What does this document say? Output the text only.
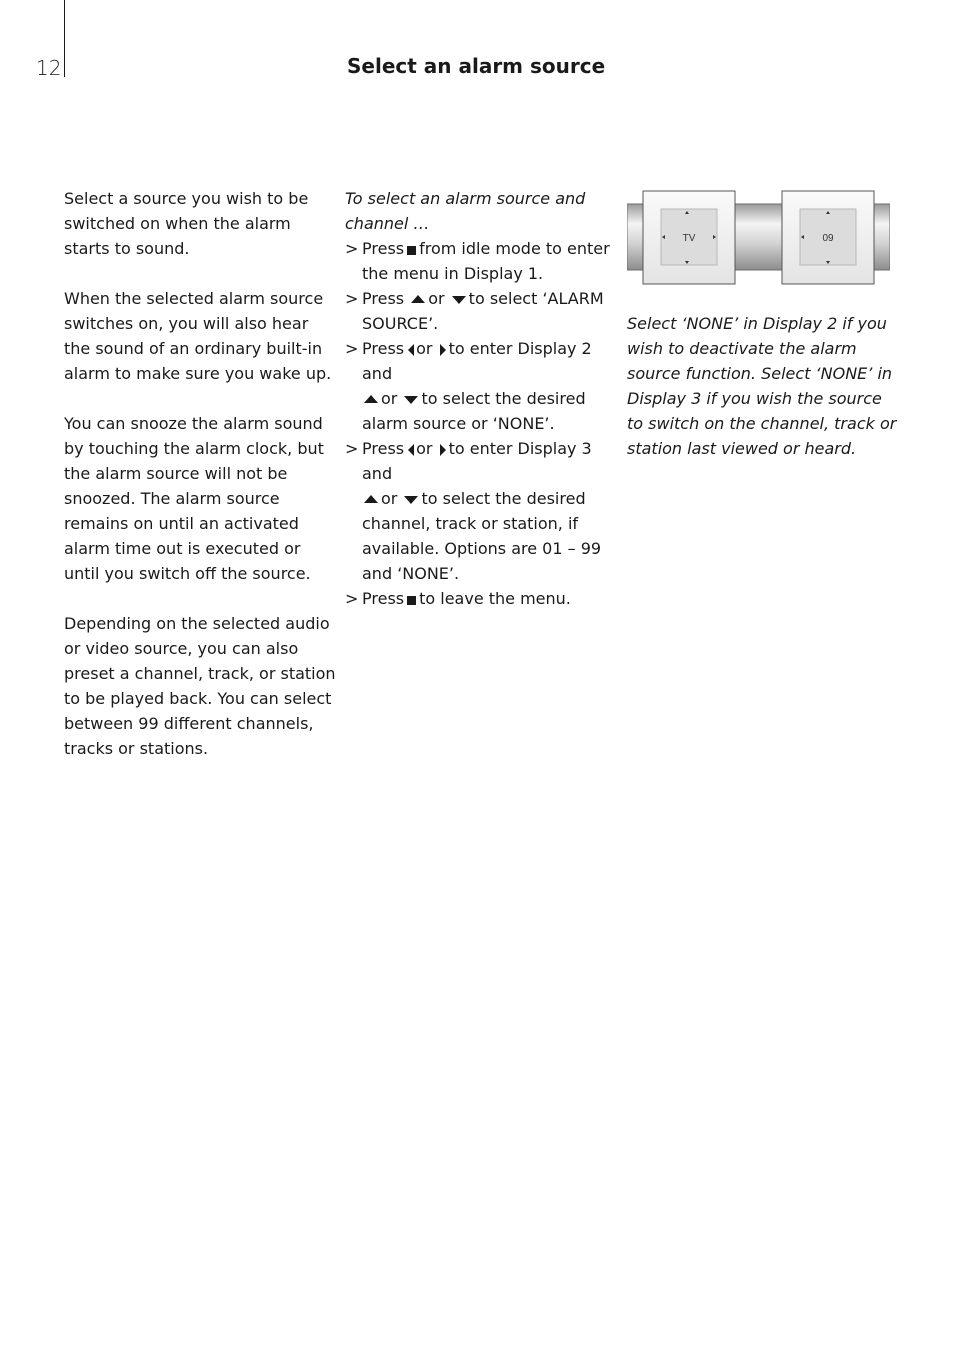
12	Select an alarm source

Select a source you wish to be switched on when the alarm starts to sound.

When the selected alarm source switches on, you will also hear the sound of an ordinary built-in alarm to make sure you wake up.

You can snooze the alarm sound by touching the alarm clock, but the alarm source will not be snoozed. The alarm source remains on until an activated alarm time out is executed or until you switch off the source.

Depending on the selected audio or video source, you can also preset a channel, track, or station to be played back. You can select between 99 different channels, tracks or stations.

To select an alarm source and channel …

> Press from idle mode to enter the menu in Display 1.
> Press or to select ‘ALARM SOURCE’.
> Press or to enter Display 2 and
or to select the desired alarm source or ‘NONE’.
> Press or to enter Display 3 and
or to select the desired channel, track or station, if available. Options are 01 – 99 and ‘NONE’.
> Press to leave the menu.
TV	09

Select ‘NONE’ in Display 2 if you wish to deactivate the alarm source function. Select ‘NONE’ in Display 3 if you wish the source to switch on the channel, track or station last viewed or heard.
